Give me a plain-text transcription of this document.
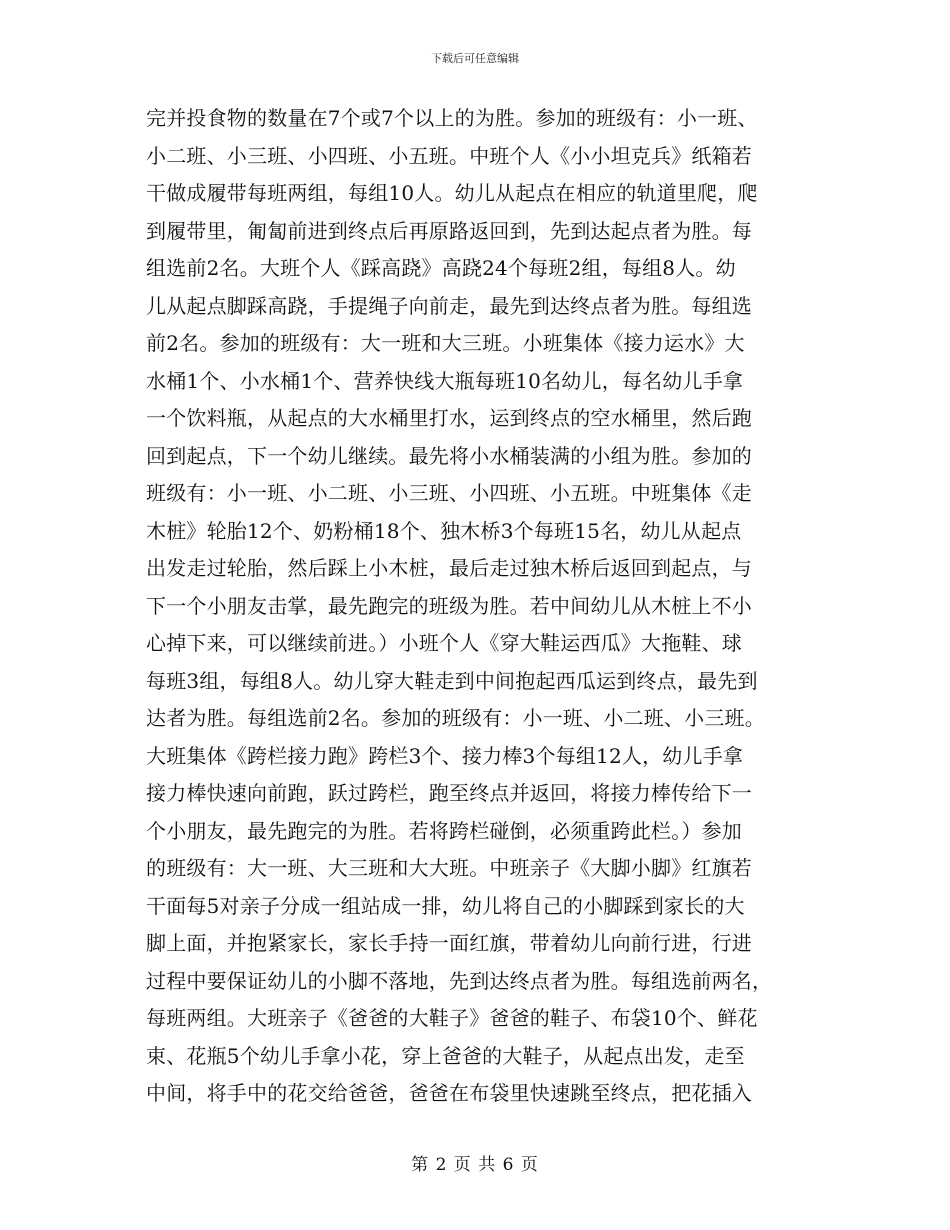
下载后可任意编辑
完并投食物的数量在7个或7个以上的为胜。参加的班级有：小一班、
小二班、小三班、小四班、小五班。中班个人《小小坦克兵》纸箱若
干做成履带每班两组，每组10人。幼儿从起点在相应的轨道里爬，爬
到履带里，匍匐前进到终点后再原路返回到，先到达起点者为胜。每
组选前2名。大班个人《踩高跷》高跷24个每班2组，每组8人。幼
儿从起点脚踩高跷，手提绳子向前走，最先到达终点者为胜。每组选
前2名。参加的班级有：大一班和大三班。小班集体《接力运水》大
水桶1个、小水桶1个、营养快线大瓶每班10名幼儿，每名幼儿手拿
一个饮料瓶，从起点的大水桶里打水，运到终点的空水桶里，然后跑
回到起点，下一个幼儿继续。最先将小水桶装满的小组为胜。参加的
班级有：小一班、小二班、小三班、小四班、小五班。中班集体《走
木桩》轮胎12个、奶粉桶18个、独木桥3个每班15名，幼儿从起点
出发走过轮胎，然后踩上小木桩，最后走过独木桥后返回到起点，与
下一个小朋友击掌，最先跑完的班级为胜。若中间幼儿从木桩上不小
心掉下来，可以继续前进。）小班个人《穿大鞋运西瓜》大拖鞋、球
每班3组，每组8人。幼儿穿大鞋走到中间抱起西瓜运到终点，最先到
达者为胜。每组选前2名。参加的班级有：小一班、小二班、小三班。
大班集体《跨栏接力跑》跨栏3个、接力棒3个每组12人，幼儿手拿
接力棒快速向前跑，跃过跨栏，跑至终点并返回，将接力棒传给下一
个小朋友，最先跑完的为胜。若将跨栏碰倒，必须重跨此栏。）参加
的班级有：大一班、大三班和大大班。中班亲子《大脚小脚》红旗若
干面每5对亲子分成一组站成一排，幼儿将自己的小脚踩到家长的大
脚上面，并抱紧家长，家长手持一面红旗，带着幼儿向前行进，行进
过程中要保证幼儿的小脚不落地，先到达终点者为胜。每组选前两名，
每班两组。大班亲子《爸爸的大鞋子》爸爸的鞋子、布袋10个、鲜花
束、花瓶5个幼儿手拿小花，穿上爸爸的大鞋子，从起点出发，走至
中间，将手中的花交给爸爸，爸爸在布袋里快速跳至终点，把花插入
第 2 页 共 6 页
